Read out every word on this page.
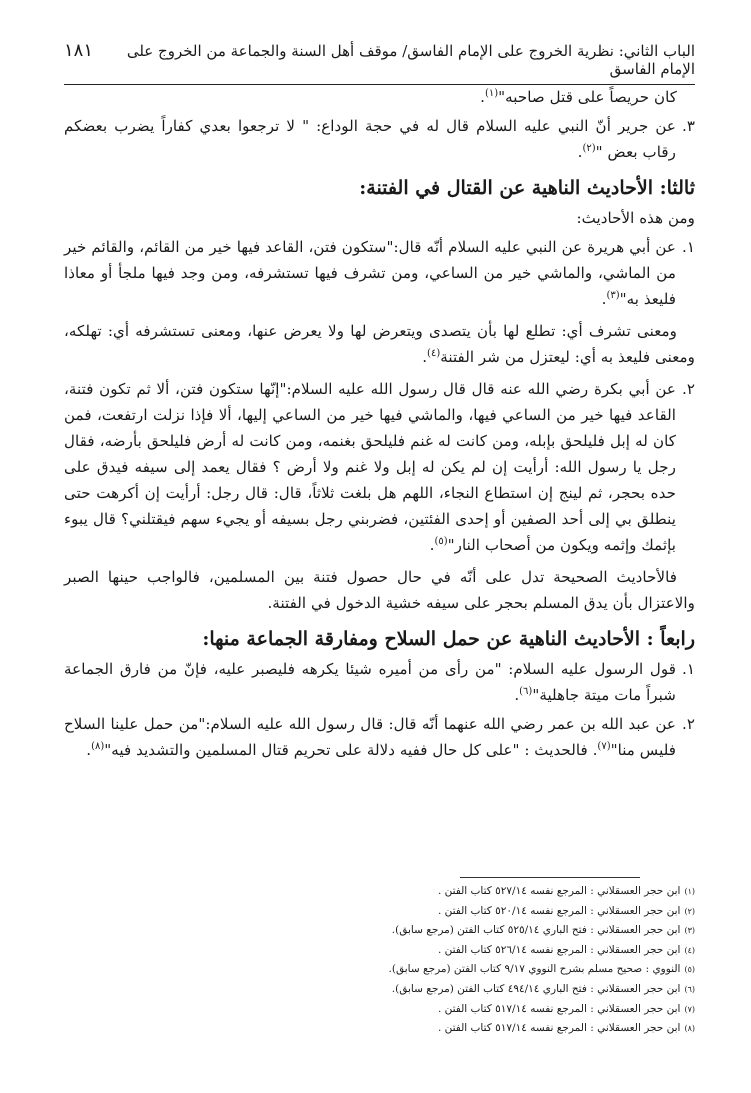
الباب الثاني: نظرية الخروج على الإمام الفاسق/ موقف أهل السنة والجماعة من الخروج على الإمام الفاسق
١٨١

كان حريصاً على قتل صاحبه"$^{(١)}$.

٣.
عن جرير أنّ النبي عليه السلام قال له في حجة الوداع: " لا ترجعوا بعدي كفاراً يضرب بعضكم رقاب بعض "$^{(٢)}$.
ثالثا: الأحاديث الناهية عن القتال في الفتنة:

ومن هذه الأحاديث:

١.
عن أبي هريرة عن النبي عليه السلام أنّه قال:"ستكون فتن، القاعد فيها خير من القائم، والقائم خير من الماشي، والماشي خير من الساعي، ومن تشرف فيها تستشرفه، ومن وجد فيها ملجأ أو معاذا فليعذ به"$^{(٣)}$.

ومعنى تشرف أي: تطلع لها بأن يتصدى ويتعرض لها ولا يعرض عنها، ومعنى تستشرفه أي: تهلكه، ومعنى فليعذ به أي: ليعتزل من شر الفتنة$^{(٤)}$.

٢.
عن أبي بكرة رضي الله عنه قال قال رسول الله عليه السلام:"إنّها ستكون فتن، ألا ثم تكون فتنة، القاعد فيها خير من الساعي فيها، والماشي فيها خير من الساعي إليها، ألا فإذا نزلت ارتفعت، فمن كان له إبل فليلحق بإبله، ومن كانت له غنم فليلحق بغنمه، ومن كانت له أرض فليلحق بأرضه، فقال رجل يا رسول الله: أرأيت إن لم يكن له إبل ولا غنم ولا أرض ؟ فقال يعمد إلى سيفه فيدق على حده بحجر، ثم لينج إن استطاع النجاء، اللهم هل بلغت ثلاثاً، قال: قال رجل: أرأيت إن أكرهت حتى ينطلق بي إلى أحد الصفين أو إحدى الفئتين، فضربني رجل بسيفه أو يجيء سهم فيقتلني؟ قال يبوء بإثمك وإثمه ويكون من أصحاب النار"$^{(٥)}$.

فالأحاديث الصحيحة تدل على أنّه في حال حصول فتنة بين المسلمين، فالواجب حينها الصبر والاعتزال بأن يدق المسلم بحجر على سيفه خشية الدخول في الفتنة.

رابعاً : الأحاديث الناهية عن حمل السلاح ومفارقة الجماعة منها:
١.
قول الرسول عليه السلام: "من رأى من أميره شيئا يكرهه فليصبر عليه، فإنّ من فارق الجماعة شبراً مات ميتة جاهلية"$^{(٦)}$.
٢.
عن عبد الله بن عمر رضي الله عنهما أنّه قال: قال رسول الله عليه السلام:"من حمل علينا السلاح فليس منا"$^{(٧)}$. فالحديث : "على كل حال ففيه دلالة على تحريم قتال المسلمين والتشديد فيه"$^{(٨)}$.
(١)
ابن حجر العسقلاني : المرجع نفسه ٥٢٧/١٤ كتاب الفتن .
(٢)
ابن حجر العسقلاني : المرجع نفسه ٥٢٠/١٤ كتاب الفتن .
(٣)
ابن حجر العسقلاني : فتح الباري ٥٢٥/١٤ كتاب الفتن (مرجع سابق).
(٤)
ابن حجر العسقلاني : المرجع نفسه ٥٢٦/١٤ كتاب الفتن .
(٥)
النووي : صحيح مسلم بشرح النووي ٩/١٧ كتاب الفتن (مرجع سابق).
(٦)
ابن حجر العسقلاني : فتح الباري ٤٩٤/١٤ كتاب الفتن (مرجع سابق).
(٧)
ابن حجر العسقلاني : المرجع نفسه ٥١٧/١٤ كتاب الفتن .
(٨)
ابن حجر العسقلاني : المرجع نفسه ٥١٧/١٤ كتاب الفتن .
